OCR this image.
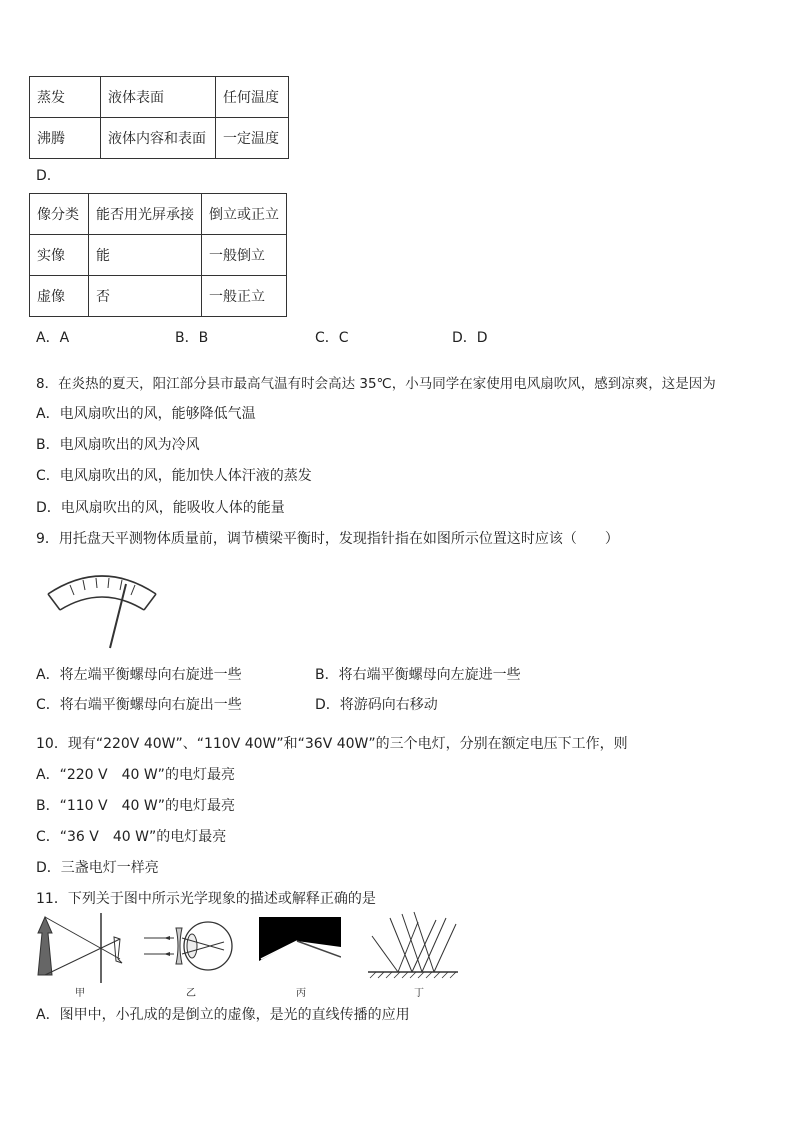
蒸发	液体表面	任何温度
沸腾	液体内容和表面	一定温度
D.
像分类	能否用光屏承接	倒立或正立
实像	能	一般倒立
虚像	否	一般正立
A．A	B．B	C．C	D．D
8．在炎热的夏天，阳江部分县市最高气温有时会高达 35℃，小马同学在家使用电风扇吹风，感到凉爽，这是因为
A．电风扇吹出的风，能够降低气温
B．电风扇吹出的风为冷风
C．电风扇吹出的风，能加快人体汗液的蒸发
D．电风扇吹出的风，能吸收人体的能量
9．用托盘天平测物体质量前，调节横梁平衡时，发现指针指在如图所示位置这时应该（　　）
A．将左端平衡螺母向右旋进一些	B．将右端平衡螺母向左旋进一些
C．将右端平衡螺母向右旋出一些	D．将游码向右移动
10．现有“220V 40W”、“110V 40W”和“36V 40W”的三个电灯，分别在额定电压下工作，则
A．“220 V　40 W”的电灯最亮
B．“110 V　40 W”的电灯最亮
C．“36 V　40 W”的电灯最亮
D．三盏电灯一样亮
11．下列关于图中所示光学现象的描述或解释正确的是
甲	乙	丙	丁
A．图甲中，小孔成的是倒立的虚像，是光的直线传播的应用
